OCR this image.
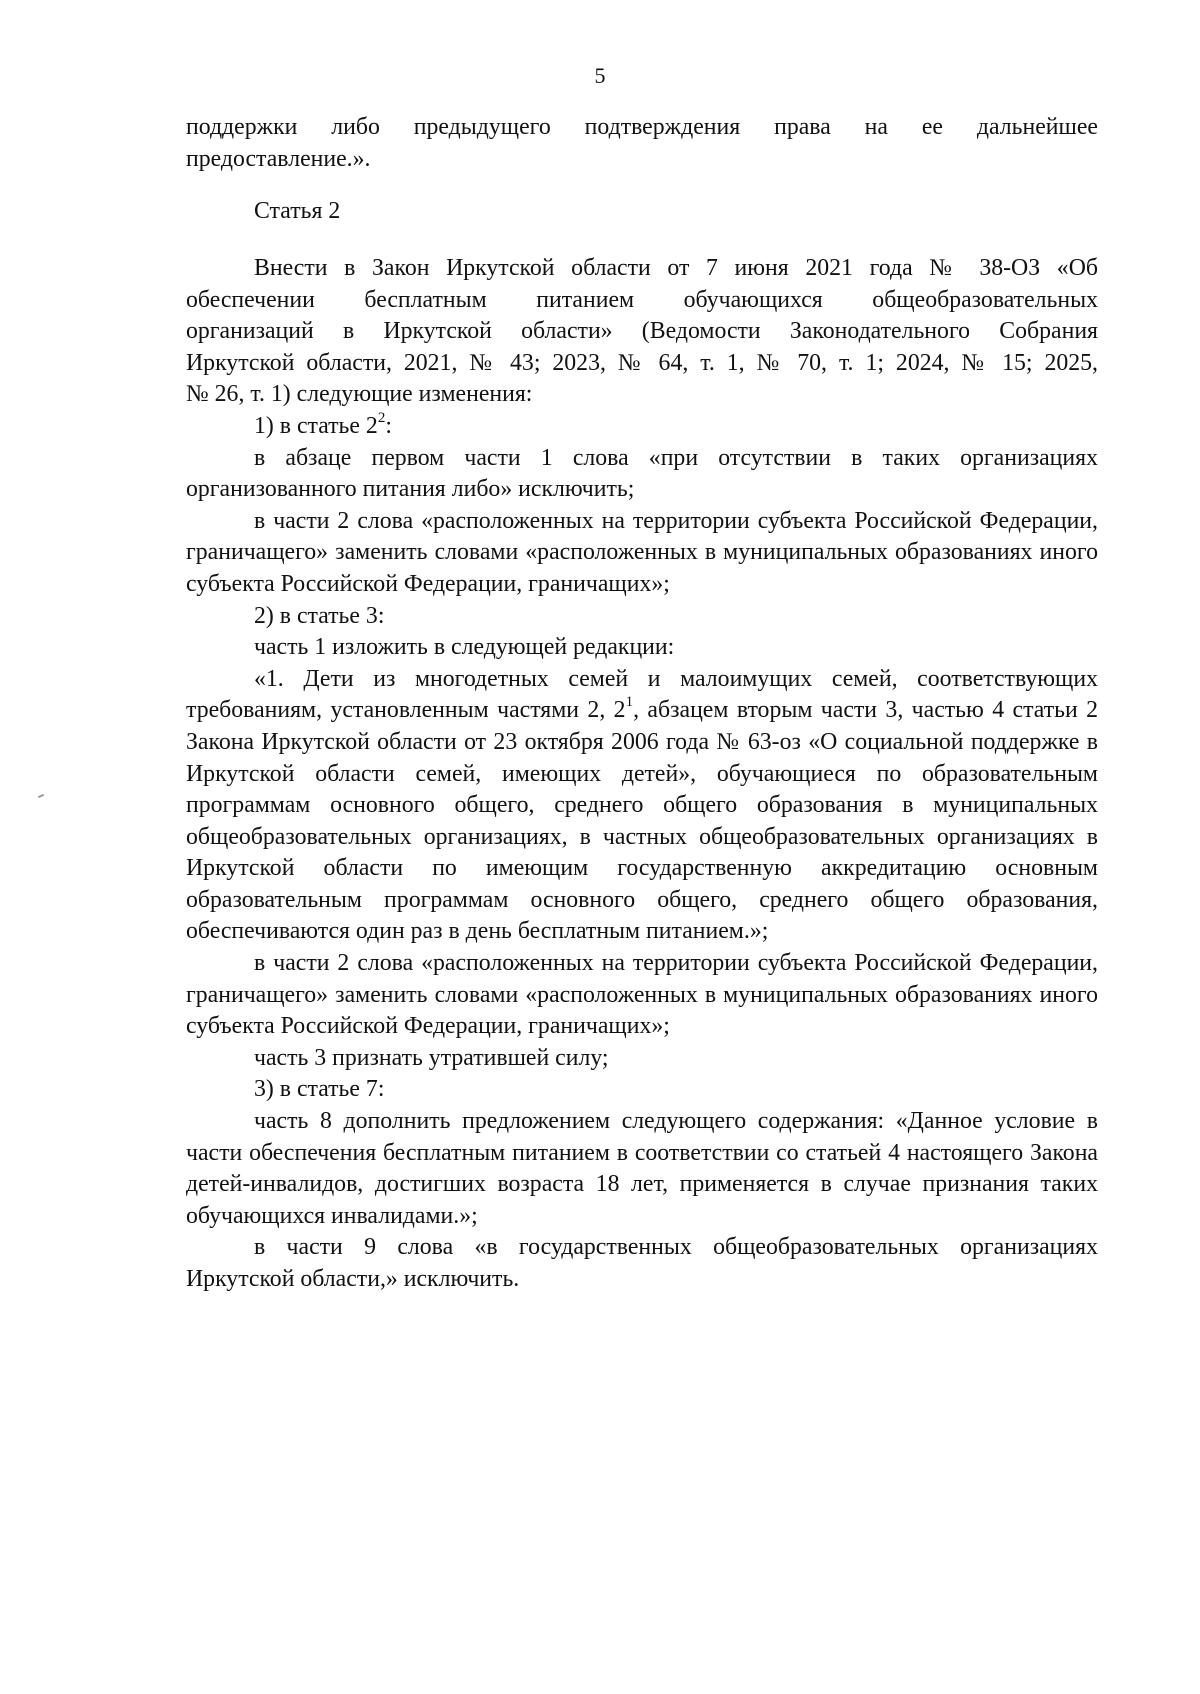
5

поддержки либо предыдущего подтверждения права на ее дальнейшее

предоставление.».

Статья 2

Внести в Закон Иркутской области от 7 июня 2021 года № 38-ОЗ «Об

обеспечении бесплатным питанием обучающихся общеобразовательных

организаций в Иркутской области» (Ведомости Законодательного Собрания

Иркутской области, 2021, № 43; 2023, № 64, т. 1, № 70, т. 1; 2024, № 15; 2025,

№ 26, т. 1) следующие изменения:

1) в статье $2^2$:

в абзаце первом части 1 слова «при отсутствии в таких организациях организованного питания либо» исключить;

в части 2 слова «расположенных на территории субъекта Российской Федерации, граничащего» заменить словами «расположенных в муниципальных образованиях иного субъекта Российской Федерации, граничащих»;

2) в статье 3:

часть 1 изложить в следующей редакции:

«1. Дети из многодетных семей и малоимущих семей, соответствующих требованиям, установленным частями 2, $2^1$, абзацем вторым части 3, частью 4 статьи 2 Закона Иркутской области от 23 октября 2006 года № 63-оз «О социальной поддержке в Иркутской области семей, имеющих детей», обучающиеся по образовательным программам основного общего, среднего общего образования в муниципальных общеобразовательных организациях, в частных общеобразовательных организациях в Иркутской области по имеющим государственную аккредитацию основным образовательным программам основного общего, среднего общего образования, обеспечиваются один раз в день бесплатным питанием.»;

в части 2 слова «расположенных на территории субъекта Российской Федерации, граничащего» заменить словами «расположенных в муниципальных образованиях иного субъекта Российской Федерации, граничащих»;

часть 3 признать утратившей силу;

3) в статье 7:

часть 8 дополнить предложением следующего содержания: «Данное условие в части обеспечения бесплатным питанием в соответствии со статьей 4 настоящего Закона детей-инвалидов, достигших возраста 18 лет, применяется в случае признания таких обучающихся инвалидами.»;

в части 9 слова «в государственных общеобразовательных организациях Иркутской области,» исключить.
